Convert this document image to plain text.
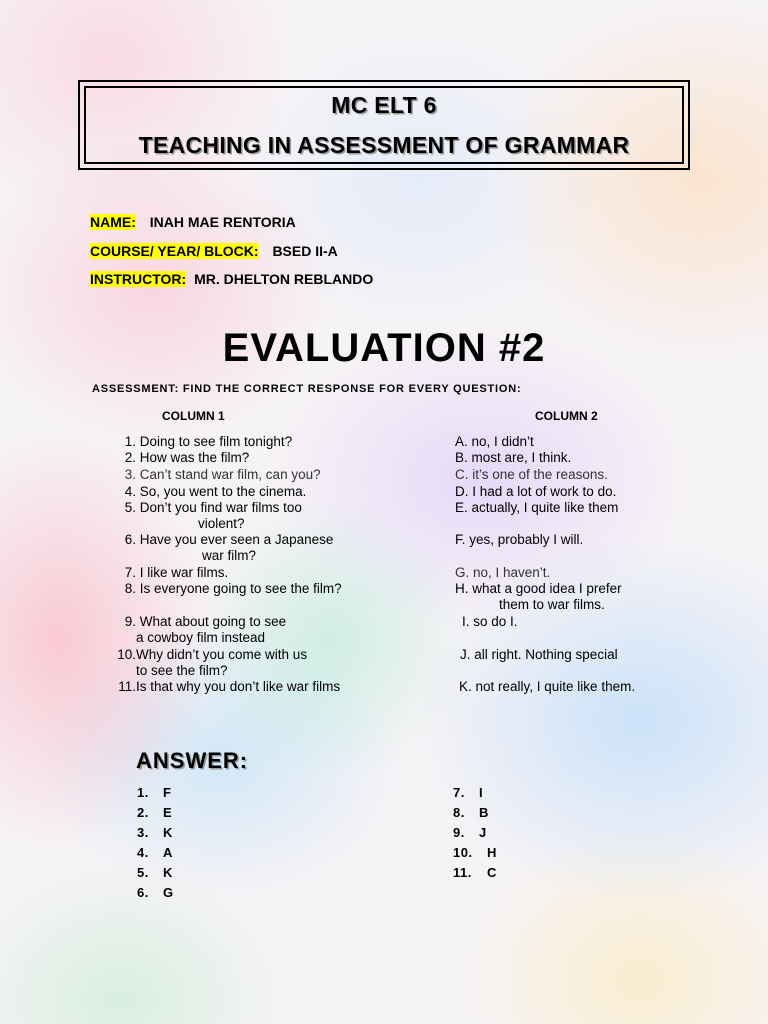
MC ELT 6
TEACHING IN ASSESSMENT OF GRAMMAR
NAME: INAH MAE RENTORIA
COURSE/ YEAR/ BLOCK: BSED II-A
INSTRUCTOR: MR. DHELTON REBLANDO
EVALUATION #2
ASSESSMENT: FIND THE CORRECT RESPONSE FOR EVERY QUESTION:
COLUMN 1	COLUMN 2
1. Doing to see film tonight?
2. How was the film?
3. Can’t stand war film, can you?
4. So, you went to the cinema.
5. Don’t you find war films too
violent?
6. Have you ever seen a Japanese
war film?
7. I like war films.
8. Is everyone going to see the film?
9. What about going to see
a cowboy film instead
10.Why didn’t you come with us
to see the film?
11.Is that why you don’t like war films
A. no, I didn’t
B. most are, I think.
C. it’s one of the reasons.
D. I had a lot of work to do.
E. actually, I quite like them
F. yes, probably I will.
G. no, I haven’t.
H. what a good idea I prefer
them to war films.
I. so do I.
J. all right. Nothing special
K. not really, I quite like them.
ANSWER:
1. F
2. E
3. K
4. A
5. K
6. G
7. I
8. B
9. J
10. H
11. C
